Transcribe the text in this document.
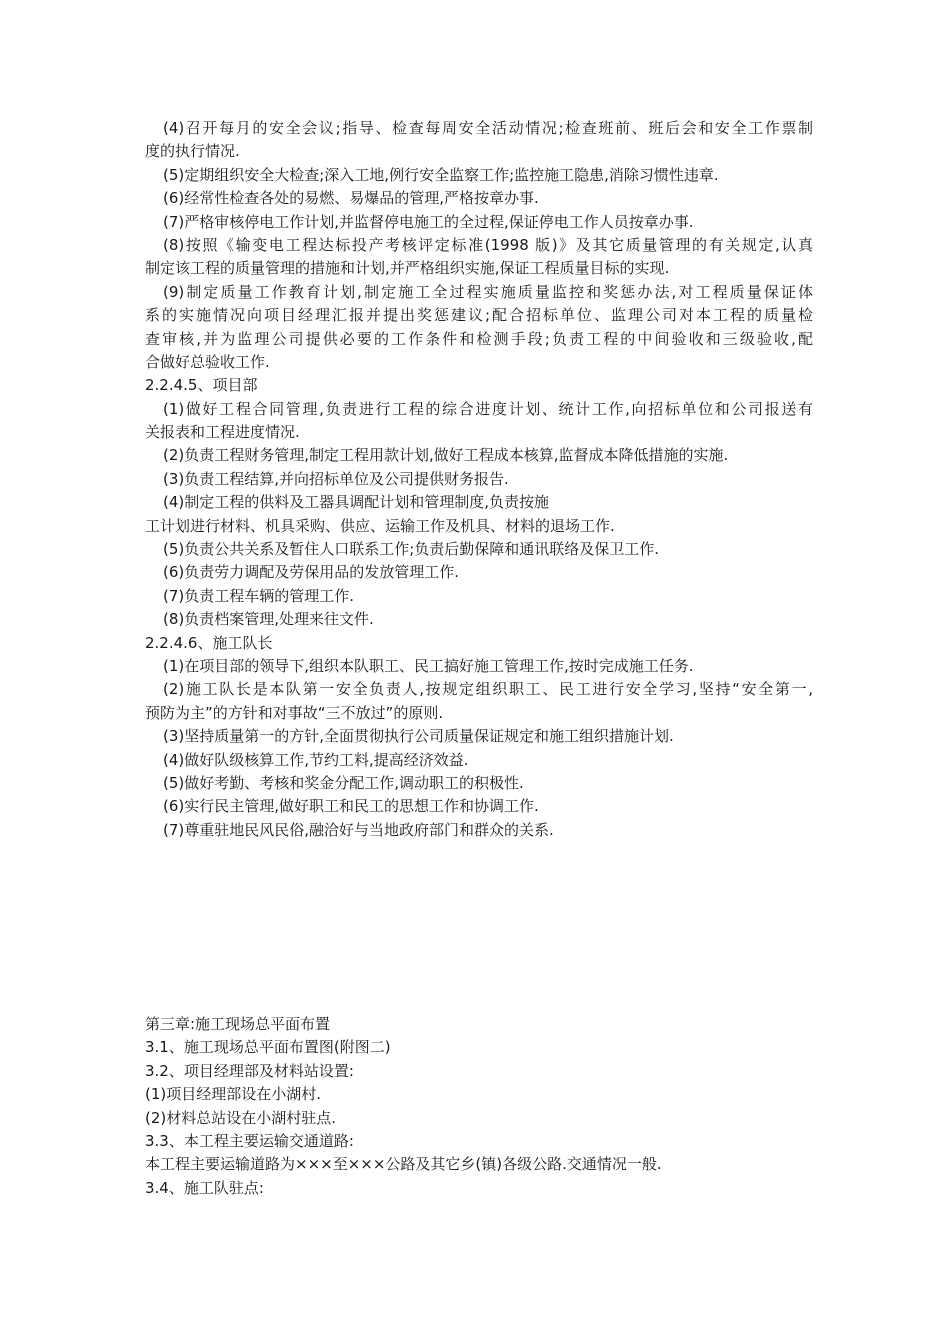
(4)召开每月的安全会议;指导、检查每周安全活动情况;检查班前、班后会和安全工作票制
度的执行情况.
(5)定期组织安全大检查;深入工地,例行安全监察工作;监控施工隐患,消除习惯性违章.
(6)经常性检查各处的易燃、易爆品的管理,严格按章办事.
(7)严格审核停电工作计划,并监督停电施工的全过程,保证停电工作人员按章办事.
(8)按照《输变电工程达标投产考核评定标准(1998 版)》及其它质量管理的有关规定,认真
制定该工程的质量管理的措施和计划,并严格组织实施,保证工程质量目标的实现.
(9)制定质量工作教育计划,制定施工全过程实施质量监控和奖惩办法,对工程质量保证体
系的实施情况向项目经理汇报并提出奖惩建议;配合招标单位、监理公司对本工程的质量检
查审核,并为监理公司提供必要的工作条件和检测手段;负责工程的中间验收和三级验收,配
合做好总验收工作.
2.2.4.5、项目部
(1)做好工程合同管理,负责进行工程的综合进度计划、统计工作,向招标单位和公司报送有
关报表和工程进度情况.
(2)负责工程财务管理,制定工程用款计划,做好工程成本核算,监督成本降低措施的实施.
(3)负责工程结算,并向招标单位及公司提供财务报告.
(4)制定工程的供料及工器具调配计划和管理制度,负责按施
工计划进行材料、机具采购、供应、运输工作及机具、材料的退场工作.
(5)负责公共关系及暂住人口联系工作;负责后勤保障和通讯联络及保卫工作.
(6)负责劳力调配及劳保用品的发放管理工作.
(7)负责工程车辆的管理工作.
(8)负责档案管理,处理来往文件.
2.2.4.6、施工队长
(1)在项目部的领导下,组织本队职工、民工搞好施工管理工作,按时完成施工任务.
(2)施工队长是本队第一安全负责人,按规定组织职工、民工进行安全学习,坚持“安全第一,
预防为主”的方针和对事故“三不放过”的原则.
(3)坚持质量第一的方针,全面贯彻执行公司质量保证规定和施工组织措施计划.
(4)做好队级核算工作,节约工料,提高经济效益.
(5)做好考勤、考核和奖金分配工作,调动职工的积极性.
(6)实行民主管理,做好职工和民工的思想工作和协调工作.
(7)尊重驻地民风民俗,融洽好与当地政府部门和群众的关系.
第三章:施工现场总平面布置
3.1、施工现场总平面布置图(附图二)
3.2、项目经理部及材料站设置:
(1)项目经理部设在小湖村.
(2)材料总站设在小湖村驻点.
3.3、本工程主要运输交通道路:
本工程主要运输道路为×××至×××公路及其它乡(镇)各级公路.交通情况一般.
3.4、施工队驻点:
